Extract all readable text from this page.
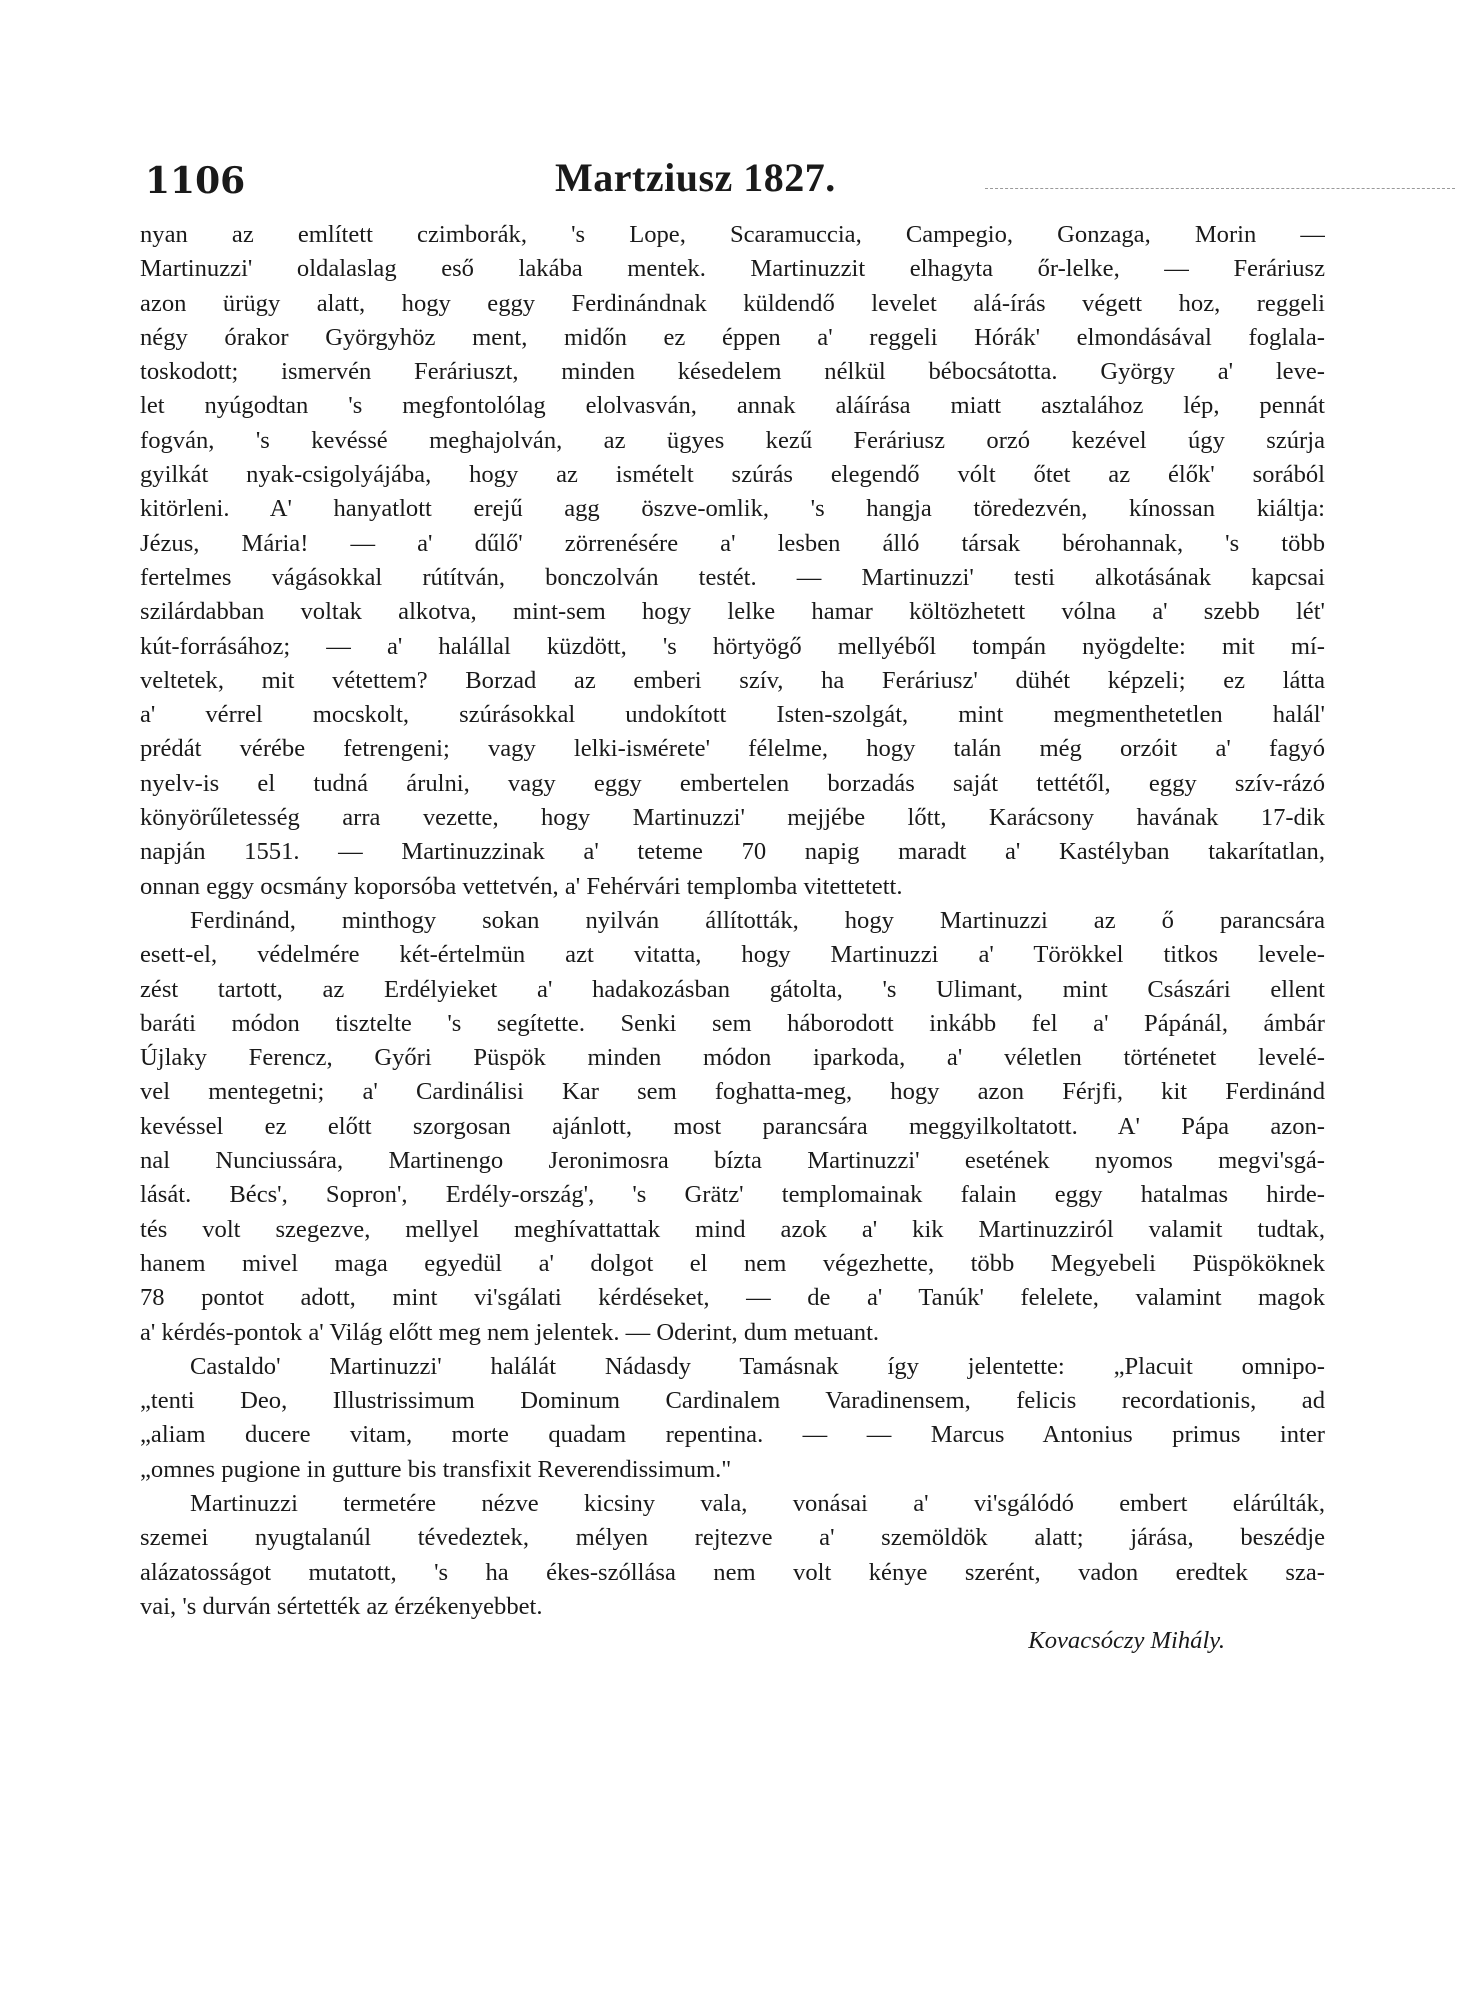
1106	Martziusz 1827.
nyan az említett czimborák, 's Lope, Scaramuccia, Campegio, Gonzaga, Morin —
Martinuzzi' oldalaslag eső lakába mentek. Martinuzzit elhagyta őr-lelke, — Feráriusz
azon ürügy alatt, hogy eggy Ferdinándnak küldendő levelet alá-írás végett hoz, reggeli
négy órakor Györgyhöz ment, midőn ez éppen a' reggeli Hórák' elmondásával foglala-
toskodott; ismervén Feráriuszt, minden késedelem nélkül bébocsátotta. György a' leve-
let nyúgodtan 's megfontolólag elolvasván, annak aláírása miatt asztalához lép, pennát
fogván, 's kevéssé meghajolván, az ügyes kezű Feráriusz orzó kezével úgy szúrja
gyilkát nyak-csigolyájába, hogy az ismételt szúrás elegendő vólt őtet az élők' sorából
kitörleni. A' hanyatlott erejű agg öszve-omlik, 's hangja töredezvén, kínossan kiáltja:
Jézus, Mária! — a' dűlő' zörrenésére a' lesben álló társak bérohannak, 's több
fertelmes vágásokkal rútítván, bonczolván testét. — Martinuzzi' testi alkotásának kapcsai
szilárdabban voltak alkotva, mint-sem hogy lelke hamar költözhetett vólna a' szebb lét'
kút-forrásához; — a' halállal küzdött, 's hörtyögő mellyéből tompán nyögdelte: mit mí-
veltetek, mit vétettem? Borzad az emberi szív, ha Feráriusz' dühét képzeli; ez látta
a' vérrel mocskolt, szúrásokkal undokított Isten-szolgát, mint megmenthetetlen halál'
prédát vérébe fetrengeni; vagy lelki-isмérete' félelme, hogy talán még orzóit a' fagyó
nyelv-is el tudná árulni, vagy eggy embertelen borzadás saját tettétől, eggy szív-rázó
könyörűletesség arra vezette, hogy Martinuzzi' mejjébe lőtt, Karácsony havának 17-dik
napján 1551. — Martinuzzinak a' teteme 70 napig maradt a' Kastélyban takarítatlan,
onnan eggy ocsmány koporsóba vettetvén, a' Fehérvári templomba vitettetett.
Ferdinánd, minthogy sokan nyilván állították, hogy Martinuzzi az ő parancsára
esett-el, védelmére két-értelmün azt vitatta, hogy Martinuzzi a' Törökkel titkos levele-
zést tartott, az Erdélyieket a' hadakozásban gátolta, 's Ulimant, mint Császári ellent
baráti módon tisztelte 's segítette. Senki sem háborodott inkább fel a' Pápánál, ámbár
Újlaky Ferencz, Győri Püspök minden módon iparkoda, a' véletlen történetet levelé-
vel mentegetni; a' Cardinálisi Kar sem foghatta-meg, hogy azon Férjfi, kit Ferdinánd
kevéssel ez előtt szorgosan ajánlott, most parancsára meggyilkoltatott. A' Pápa azon-
nal Nunciussára, Martinengo Jeronimosra bízta Martinuzzi' esetének nyomos megvi'sgá-
lását. Bécs', Sopron', Erdély-ország', 's Grätz' templomainak falain eggy hatalmas hirde-
tés volt szegezve, mellyel meghívattattak mind azok a' kik Martinuzziról valamit tudtak,
hanem mivel maga egyedül a' dolgot el nem végezhette, több Megyebeli Püspököknek
78 pontot adott, mint vi'sgálati kérdéseket, — de a' Tanúk' felelete, valamint magok
a' kérdés-pontok a' Világ előtt meg nem jelentek. — Oderint, dum metuant.
Castaldo' Martinuzzi' halálát Nádasdy Tamásnak így jelentette: „Placuit omnipo-
„tenti Deo, Illustrissimum Dominum Cardinalem Varadinensem, felicis recordationis, ad
„aliam ducere vitam, morte quadam repentina. — — Marcus Antonius primus inter
„omnes pugione in gutture bis transfixit Reverendissimum."
Martinuzzi termetére nézve kicsiny vala, vonásai a' vi'sgálódó embert elárúlták,
szemei nyugtalanúl tévedeztek, mélyen rejtezve a' szemöldök alatt; járása, beszédje
alázatosságot mutatott, 's ha ékes-szóllása nem volt kénye szerént, vadon eredtek sza-
vai, 's durván sértették az érzékenyebbet.
Kovacsóczy Mihály.
